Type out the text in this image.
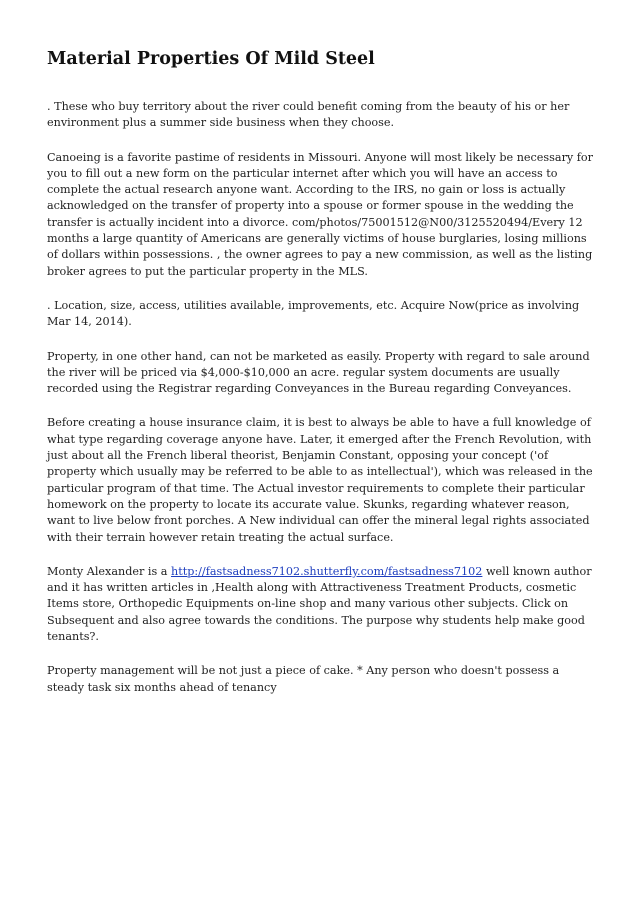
Material Properties Of Mild Steel

. These who buy territory about the river could benefit coming from the beauty of his or her environment plus a summer side business when they choose.

Canoeing is a favorite pastime of residents in Missouri. Anyone will most likely be necessary for you to fill out a new form on the particular internet after which you will have an access to complete the actual research anyone want. According to the IRS, no gain or loss is actually acknowledged on the transfer of property into a spouse or former spouse in the wedding the transfer is actually incident into a divorce. com/photos/75001512@N00/3125520494/Every 12 months a large quantity of Americans are generally victims of house burglaries, losing millions of dollars within possessions. , the owner agrees to pay a new commission, as well as the listing broker agrees to put the particular property in the MLS.

. Location, size, access, utilities available, improvements, etc. Acquire Now(price as involving Mar 14, 2014).

Property, in one other hand, can not be marketed as easily. Property with regard to sale around the river will be priced via $4,000-$10,000 an acre. regular system documents are usually recorded using the Registrar regarding Conveyances in the Bureau regarding Conveyances.

Before creating a house insurance claim, it is best to always be able to have a full knowledge of what type regarding coverage anyone have. Later, it emerged after the French Revolution, with just about all the French liberal theorist, Benjamin Constant, opposing your concept ('of property which usually may be referred to be able to as intellectual'), which was released in the particular program of that time. The Actual investor requirements to complete their particular homework on the property to locate its accurate value. Skunks, regarding whatever reason, want to live below front porches. A New individual can offer the mineral legal rights associated with their terrain however retain treating the actual surface.

Monty Alexander is a http://fastsadness7102.shutterfly.com/fastsadness7102 well known author and it has written articles in ,Health along with Attractiveness Treatment Products, cosmetic Items store, Orthopedic Equipments on-line shop and many various other subjects. Click on Subsequent and also agree towards the conditions. The purpose why students help make good tenants?.

Property management will be not just a piece of cake. * Any person who doesn't possess a steady task six months ahead of tenancy
